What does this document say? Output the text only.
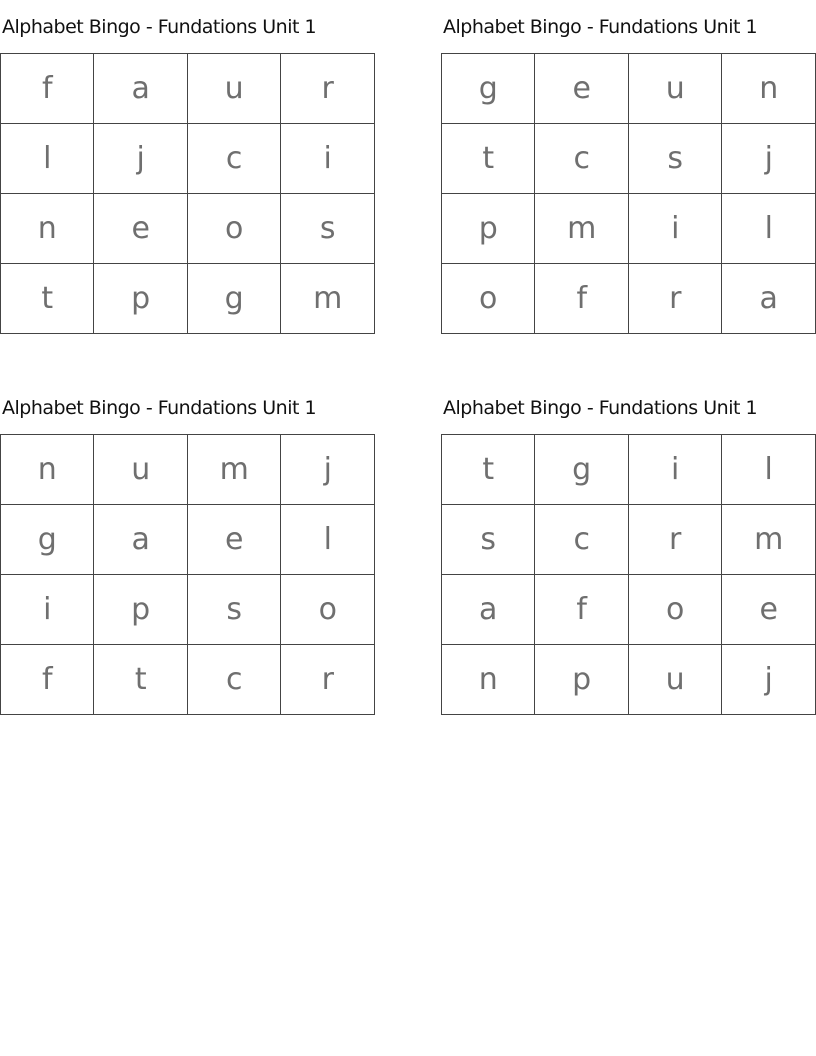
Alphabet Bingo - Fundations Unit 1
f	a	u	r
l	j	c	i
n	e	o	s
t	p	g	m
Alphabet Bingo - Fundations Unit 1
g	e	u	n
t	c	s	j
p	m	i	l
o	f	r	a
Alphabet Bingo - Fundations Unit 1
n	u	m	j
g	a	e	l
i	p	s	o
f	t	c	r
Alphabet Bingo - Fundations Unit 1
t	g	i	l
s	c	r	m
a	f	o	e
n	p	u	j
